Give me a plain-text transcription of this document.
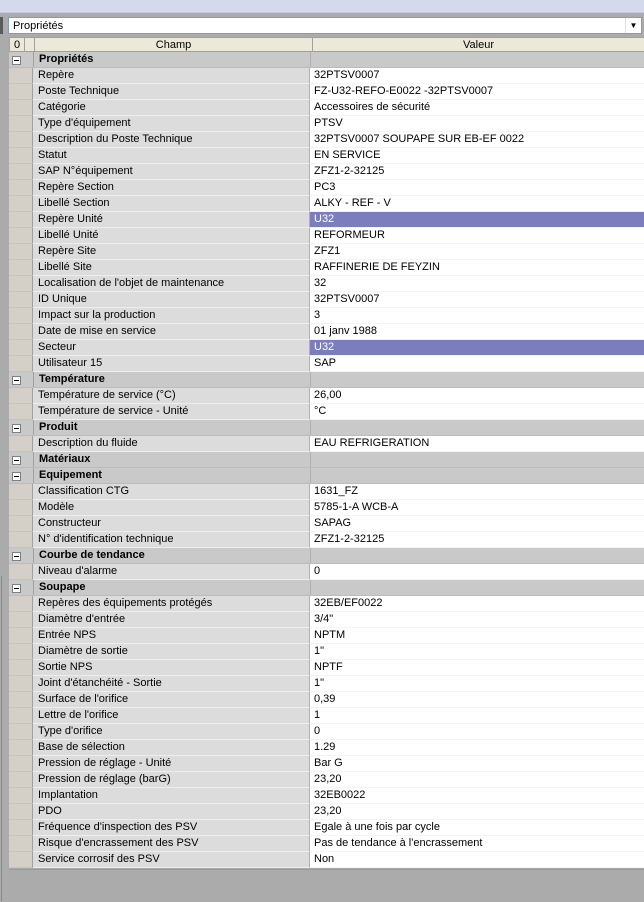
Propriétés	▼
0	Champ	Valeur
Propriétés
Repère	32PTSV0007
Poste Technique	FZ-U32-REFO-E0022 -32PTSV0007
Catégorie	Accessoires de sécurité
Type d'équipement	PTSV
Description du Poste Technique	32PTSV0007 SOUPAPE SUR EB-EF 0022
Statut	EN SERVICE
SAP N°équipement	ZFZ1-2-32125
Repère Section	PC3
Libellé Section	ALKY - REF - V
Repère Unité	U32
Libellé Unité	REFORMEUR
Repère Site	ZFZ1
Libellé Site	RAFFINERIE DE FEYZIN
Localisation de l'objet de maintenance	32
ID Unique	32PTSV0007
Impact sur la production	3
Date de mise en service	01 janv 1988
Secteur	U32
Utilisateur 15	SAP
Température
Température de service (°C)	26,00
Température de service - Unité	°C
Produit
Description du fluide	EAU REFRIGERATION
Matériaux
Equipement
Classification CTG	1631_FZ
Modèle	5785-1-A WCB-A
Constructeur	SAPAG
N° d'identification technique	ZFZ1-2-32125
Courbe de tendance
Niveau d'alarme	0
Soupape
Repères des équipements protégés	32EB/EF0022
Diamètre d'entrée	3/4"
Entrée NPS	NPTM
Diamètre de sortie	1"
Sortie NPS	NPTF
Joint d'étanchéité - Sortie	1"
Surface de l'orifice	0,39
Lettre de l'orifice	1
Type d'orifice	0
Base de sélection	1.29
Pression de réglage - Unité	Bar G
Pression de réglage (barG)	23,20
Implantation	32EB0022
PDO	23,20
Fréquence d'inspection des PSV	Egale à une fois par cycle
Risque d'encrassement des PSV	Pas de tendance à l'encrassement
Service corrosif des PSV	Non
